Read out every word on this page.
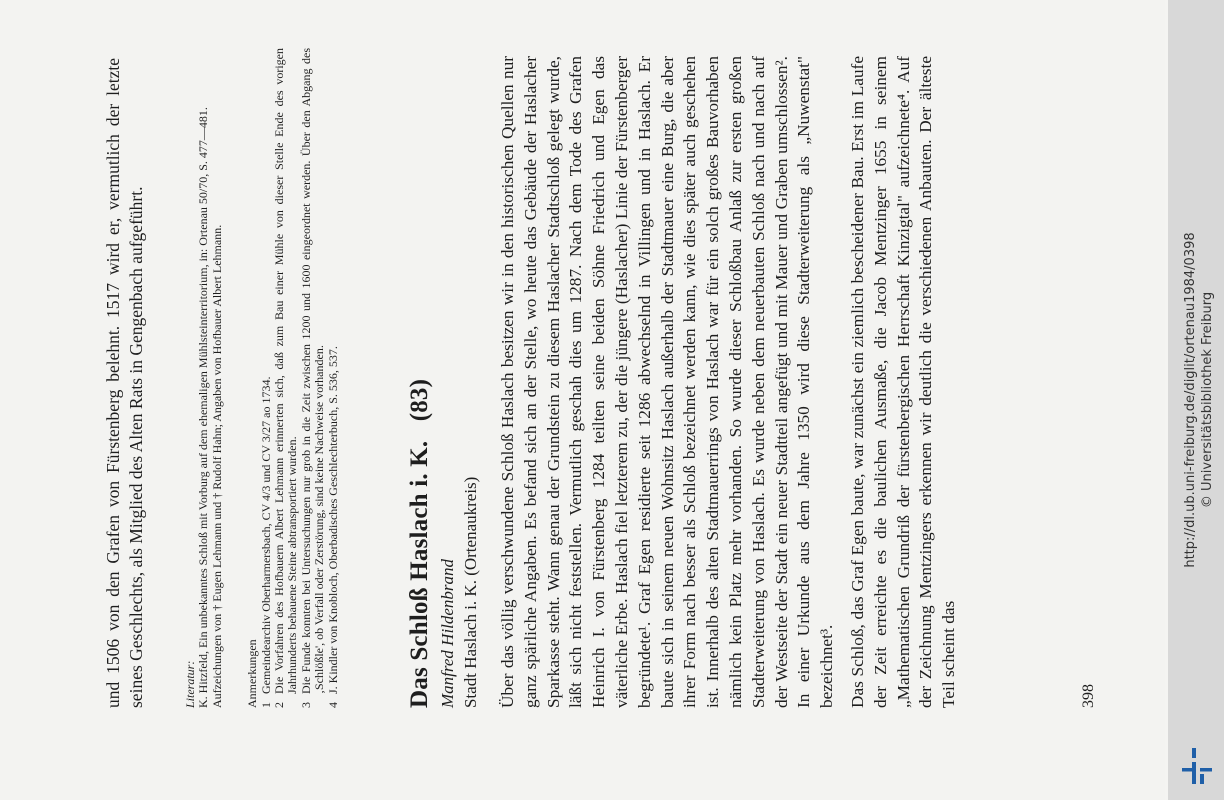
und 1506 von den Grafen von Fürstenberg belehnt. 1517 wird er, vermutlich der letzte seines Geschlechts, als Mitglied des Alten Rats in Gengenbach aufgeführt.	Literatur: K. Hitzfeld, Ein unbekanntes Schloß mit Vorburg auf dem ehemaligen Mühlsteinterritorium, in: Ortenau 50/70, S. 477—481. Aufzeichungen von † Eugen Lehmann und † Rudolf Hahn; Angaben von Hofbauer Albert Lehmann. Anmerkungen 1
Gemeindearchiv Oberharmersbach, CV 4/3 und CV 3/27 ao 1734.
2
Die Vorfahren des Hofbauern Albert Lehmann erinnerten sich, daß zum Bau einer Mühle von dieser Stelle Ende des vorigen Jahrhunderts behauene Steine abtransportiert wurden.
3
Die Funde konnten bei Untersuchungen nur grob in die Zeit zwischen 1200 und 1600 eingeordnet werden. Über den Abgang des ‚Schlößle', ob Verfall oder Zerstörung, sind keine Nachweise vorhanden.
4
J. Kindler von Knobloch, Oberbadisches Geschlechterbuch, S. 536, 537.	Das Schloß Haslach i. K.   (83) Manfred Hildenbrand Stadt Haslach i. K. (Ortenaukreis) Über das völlig verschwundene Schloß Haslach besitzen wir in den historischen Quellen nur ganz spärliche Angaben. Es befand sich an der Stelle, wo heute das Gebäude der Haslacher Sparkasse steht. Wann genau der Grundstein zu diesem Haslacher Stadtschloß gelegt wurde, läßt sich nicht feststellen. Vermutlich geschah dies um 1287. Nach dem Tode des Grafen Heinrich I. von Fürstenberg 1284 teilten seine beiden Söhne Friedrich und Egen das väterliche Erbe. Haslach fiel letzterem zu, der die jüngere (Haslacher) Linie der Fürstenberger begründete¹. Graf Egen residierte seit 1286 abwechselnd in Villingen und in Haslach. Er baute sich in seinem neuen Wohnsitz Haslach außerhalb der Stadtmauer eine Burg, die aber ihrer Form nach besser als Schloß bezeichnet werden kann, wie dies später auch geschehen ist. Innerhalb des alten Stadtmauerrings von Haslach war für ein solch großes Bauvorhaben nämlich kein Platz mehr vorhanden. So wurde dieser Schloßbau Anlaß zur ersten großen Stadterweiterung von Haslach. Es wurde neben dem neuerbauten Schloß nach und nach auf der Westseite der Stadt ein neuer Stadtteil angefügt und mit Mauer und Graben umschlossen². In einer Urkunde aus dem Jahre 1350 wird diese Stadterweiterung als „Nuwenstat" bezeichnet³. Das Schloß, das Graf Egen baute, war zunächst ein ziemlich bescheidener Bau. Erst im Laufe der Zeit erreichte es die baulichen Ausmaße, die Jacob Mentzinger 1655 in seinem „Mathematischen Grundriß der fürstenbergischen Herrschaft Kinzigtal" aufzeichnete⁴. Auf der Zeichnung Mentzingers erkennen wir deutlich die verschiedenen Anbauten. Der älteste Teil scheint das	398
http://dl.ub.uni-freiburg.de/diglit/ortenau1984/0398 © Universitätsbibliothek Freiburg
